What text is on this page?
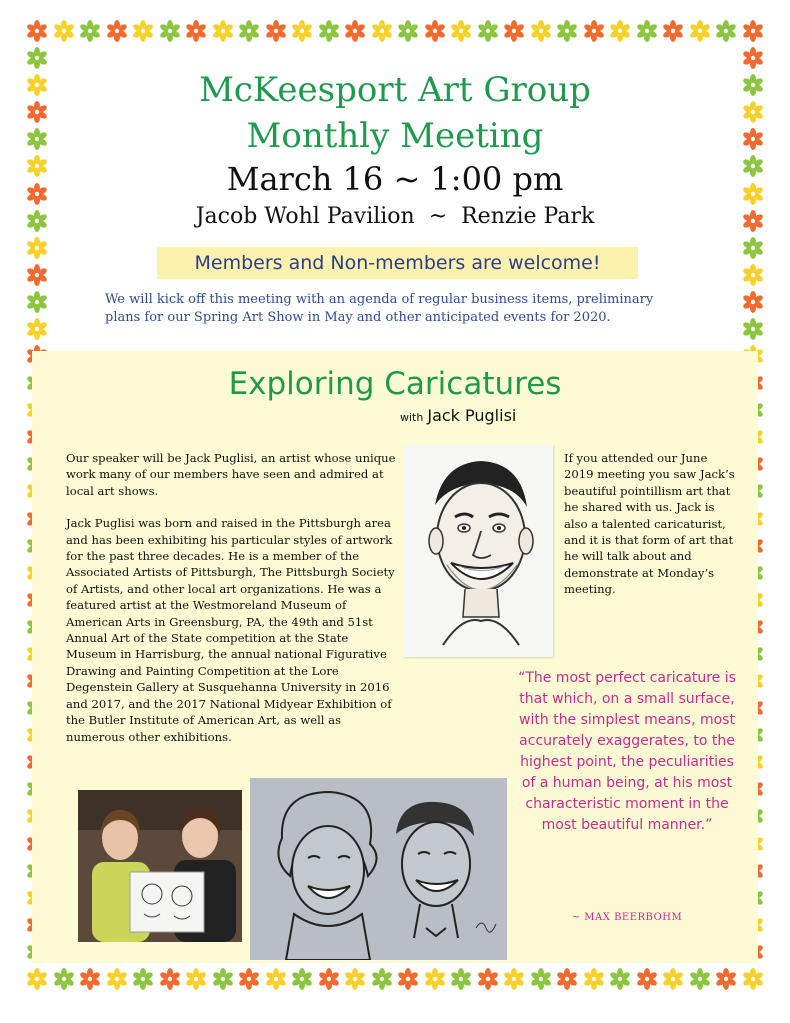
McKeesport Art Group
Monthly Meeting
March 16 ~ 1:00 pm
Jacob Wohl Pavilion  ~  Renzie Park
Members and Non-members are welcome!
We will kick off this meeting with an agenda of regular business items, preliminary plans for our Spring Art Show in May and other anticipated events for 2020.
Exploring Caricatures
with Jack Puglisi

Our speaker will be Jack Puglisi, an artist whose unique work many of our members have seen and admired at local art shows.

Jack Puglisi was born and raised in the Pittsburgh area and has been exhibiting his particular styles of artwork for the past three decades. He is a member of the Associated Artists of Pittsburgh, The Pittsburgh Society of Artists, and other local art organizations. He was a featured artist at the Westmoreland Museum of American Arts in Greensburg, PA, the 49th and 51st Annual Art of the State competition at the State Museum in Harrisburg, the annual national Figurative Drawing and Painting Competition at the Lore Degenstein Gallery at Susquehanna University in 2016 and 2017, and the 2017 National Midyear Exhibition of the Butler Institute of American Art, as well as numerous other exhibitions.

If you attended our June 2019 meeting you saw Jack’s beautiful pointillism art that he shared with us. Jack is also a talented caricaturist, and it is that form of art that he will talk about and demonstrate at Monday’s meeting.
“The most perfect caricature is that which, on a small surface, with the simplest means, most accurately exaggerates, to the highest point, the peculiarities of a human being, at his most characteristic moment in the most beautiful manner.”
~ MAX BEERBOHM
